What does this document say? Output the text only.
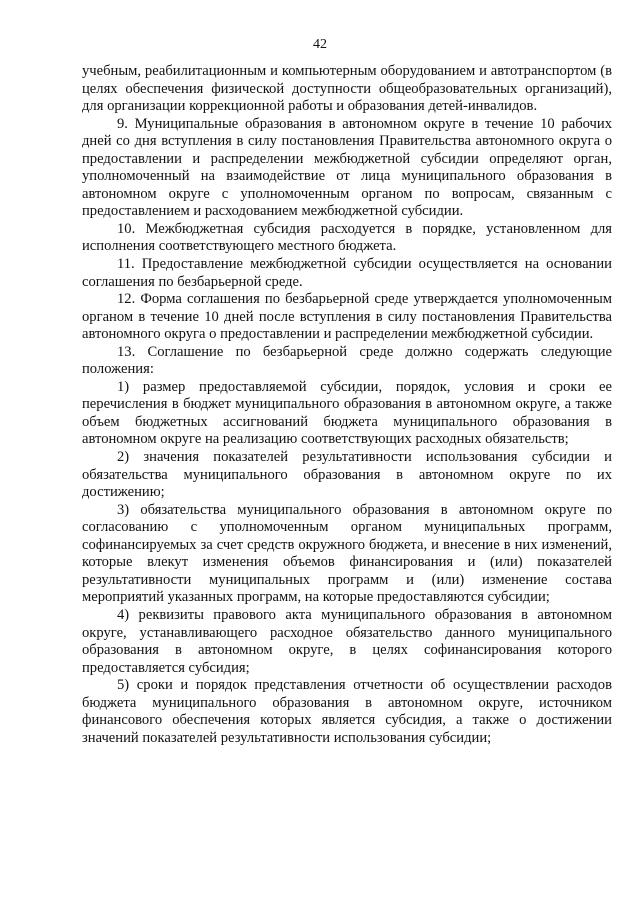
42

учебным, реабилитационным и компьютерным оборудованием и автотранспортом (в целях обеспечения физической доступности общеобразовательных организаций), для организации коррекционной работы и образования детей-инвалидов.

9. Муниципальные образования в автономном округе в течение 10 рабочих дней со дня вступления в силу постановления Правительства автономного округа о предоставлении и распределении межбюджетной субсидии определяют орган, уполномоченный на взаимодействие от лица муниципального образования в автономном округе с уполномоченным органом по вопросам, связанным с предоставлением и расходованием межбюджетной субсидии.

10. Межбюджетная субсидия расходуется в порядке, установленном для исполнения соответствующего местного бюджета.

11. Предоставление межбюджетной субсидии осуществляется на основании соглашения по безбарьерной среде.

12. Форма соглашения по безбарьерной среде утверждается уполномоченным органом в течение 10 дней после вступления в силу постановления Правительства автономного округа о предоставлении и распределении межбюджетной субсидии.

13. Соглашение по безбарьерной среде должно содержать следующие положения:

1) размер предоставляемой субсидии, порядок, условия и сроки ее перечисления в бюджет муниципального образования в автономном округе, а также объем бюджетных ассигнований бюджета муниципального образования в автономном округе на реализацию соответствующих расходных обязательств;

2) значения показателей результативности использования субсидии и обязательства муниципального образования в автономном округе по их достижению;

3) обязательства муниципального образования в автономном округе по согласованию с уполномоченным органом муниципальных программ, софинансируемых за счет средств окружного бюджета, и внесение в них изменений, которые влекут изменения объемов финансирования и (или) показателей результативности муниципальных программ и (или) изменение состава мероприятий указанных программ, на которые предоставляются субсидии;

4) реквизиты правового акта муниципального образования в автономном округе, устанавливающего расходное обязательство данного муниципального образования в автономном округе, в целях софинансирования которого предоставляется субсидия;

5) сроки и порядок представления отчетности об осуществлении расходов бюджета муниципального образования в автономном округе, источником финансового обеспечения которых является субсидия, а также о достижении значений показателей результативности использования субсидии;
